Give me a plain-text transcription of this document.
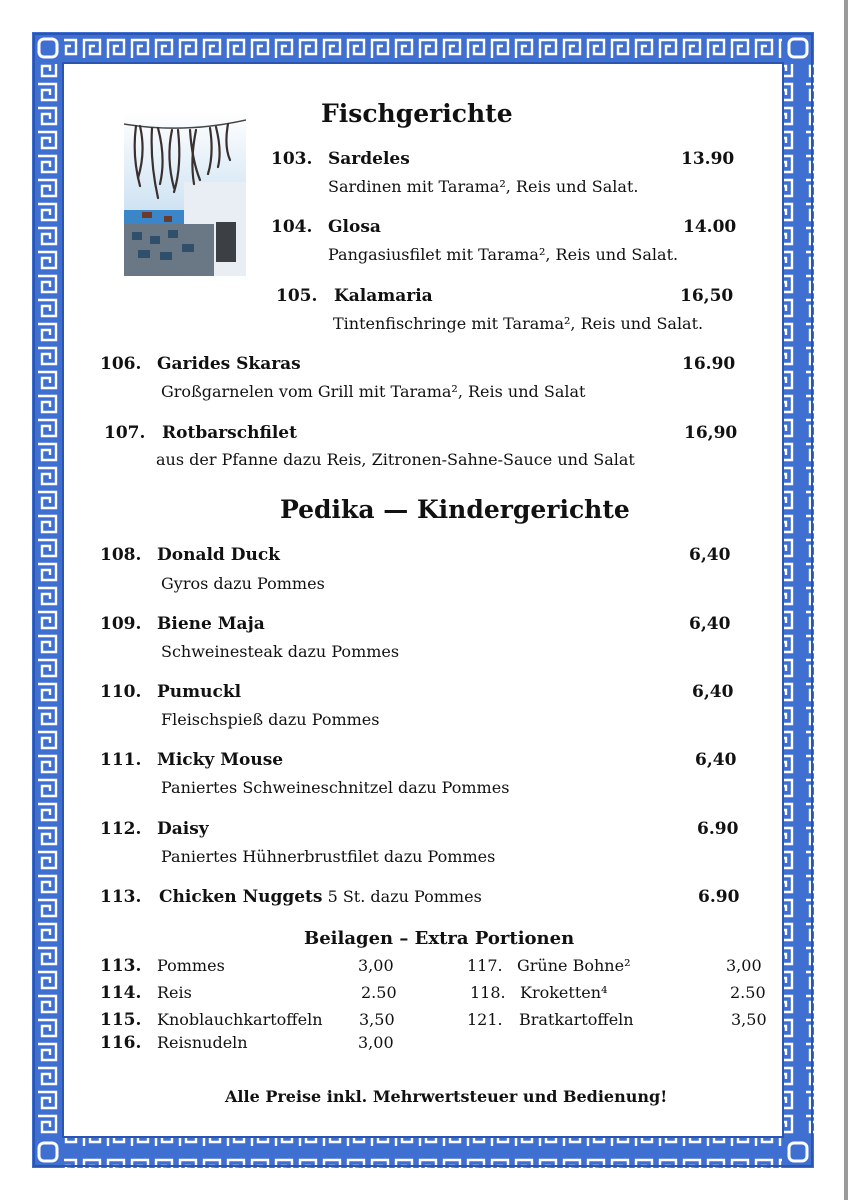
Fischgerichte
103. Sardeles	13.90
Sardinen mit Tarama², Reis und Salat.
104. Glosa	14.00
Pangasiusfilet mit Tarama², Reis und Salat.
105. Kalamaria	16,50
Tintenfischringe mit Tarama², Reis und Salat.
106. Garides Skaras	16.90
Großgarnelen vom Grill mit Tarama², Reis und Salat
107. Rotbarschfilet	16,90
aus der Pfanne dazu Reis, Zitronen-Sahne-Sauce und Salat
Pedika — Kindergerichte
108. Donald Duck	6,40
Gyros dazu Pommes
109. Biene Maja	6,40
Schweinesteak dazu Pommes
110. Pumuckl	6,40
Fleischspieß dazu Pommes
111. Micky Mouse	6,40
Paniertes Schweineschnitzel dazu Pommes
112. Daisy	6.90
Paniertes Hühnerbrustfilet dazu Pommes
113. Chicken Nuggets 5 St. dazu Pommes	6.90
Beilagen – Extra Portionen
113. Pommes	3,00
114. Reis	2.50
115. Knoblauchkartoffeln 3,50
116. Reisnudeln	3,00
117. Grüne Bohne²	3,00
118. Kroketten⁴	2.50
121. Bratkartoffeln	3,50
Alle Preise inkl. Mehrwertsteuer und Bedienung!
